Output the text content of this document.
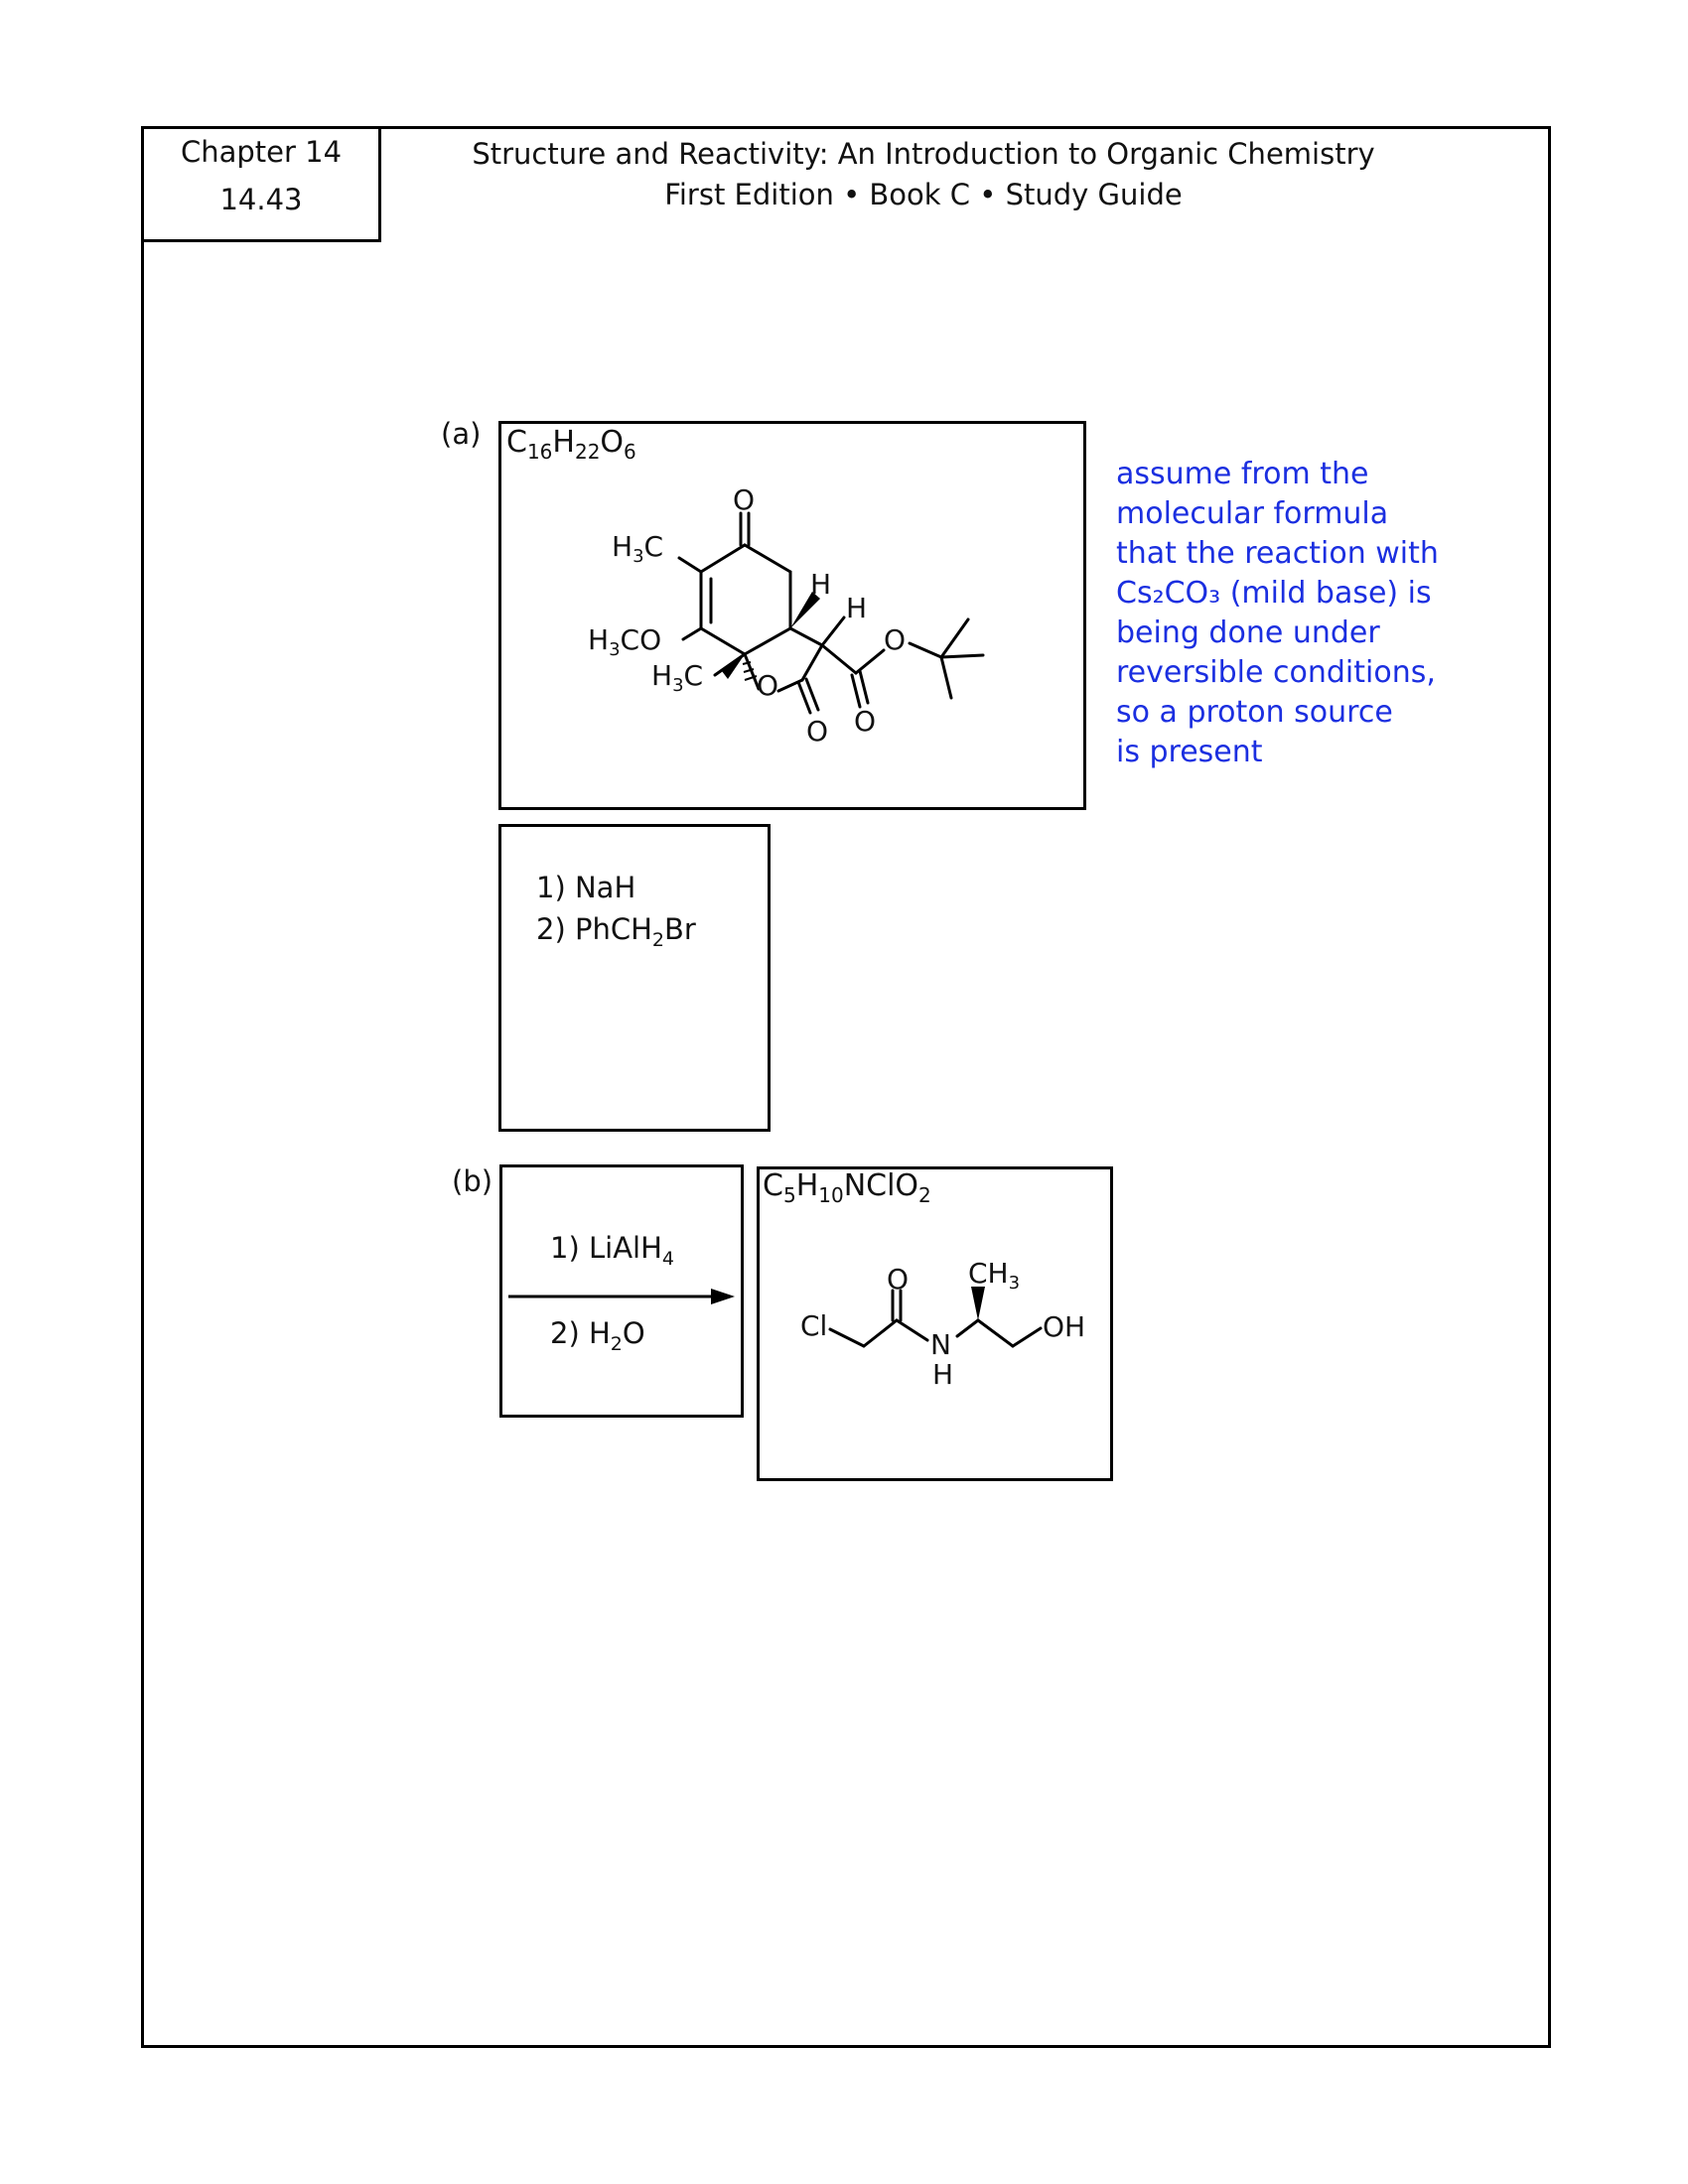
Chapter 14
14.43
Structure and Reactivity: An Introduction to Organic Chemistry
First Edition • Book C • Study Guide
(a) $C_{16}H_{22}O_6$
O
$H_3C$
H
H
$H_3CO$
$H_3C$ O
O
O O
assume from the
molecular formula
that the reaction with
Cs₂CO₃ (mild base) is
being done under
reversible conditions,
so a proton source
is present
1) NaH
2) PhCH$_2$Br
(b)
1) LiAlH$_4$
2) $H_2O$
$C_5H_{10}NClO_2$
Cl
O $CH_3$
N
H
OH
